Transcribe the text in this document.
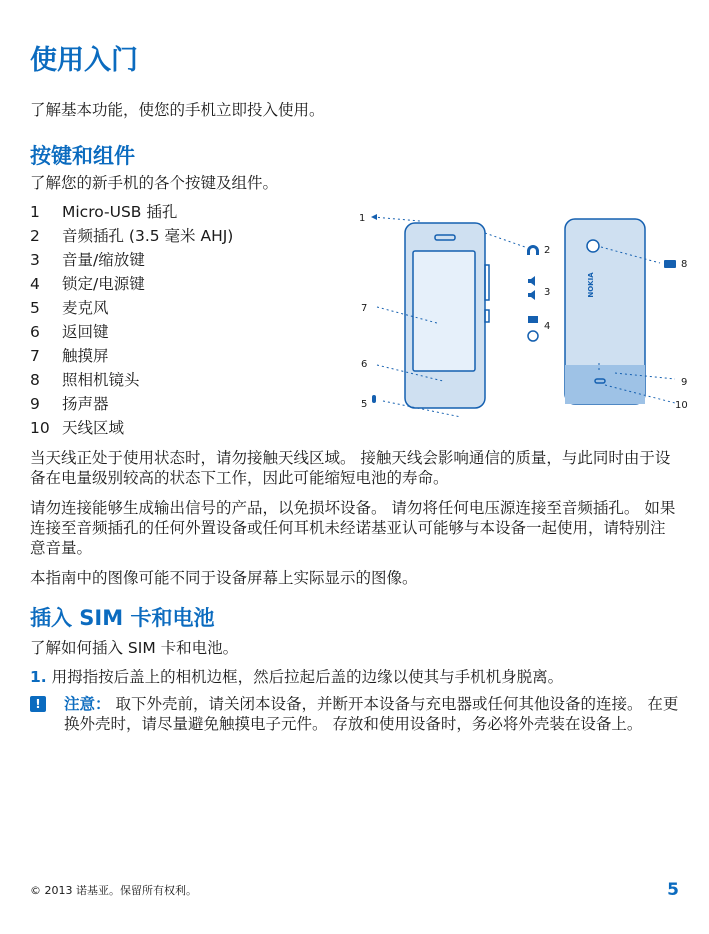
使用入门
了解基本功能，使您的手机立即投入使用。
按键和组件
了解您的新手机的各个按键及组件。
1	Micro-USB 插孔
2	音频插孔 (3.5 毫米 AHJ)
3	音量/缩放键
4	锁定/电源键
5	麦克风
6	返回键
7	触摸屏
8	照相机镜头
9	扬声器
10 天线区域
NOKIA
1
2
3
4
5
6
7
8
9
10
当天线正处于使用状态时，请勿接触天线区域。 接触天线会影响通信的质量，与此同时由于设备在电量级别较高的状态下工作，因此可能缩短电池的寿命。
请勿连接能够生成输出信号的产品，以免损坏设备。 请勿将任何电压源连接至音频插孔。 如果连接至音频插孔的任何外置设备或任何耳机未经诺基亚认可能够与本设备一起使用，请特别注意音量。
本指南中的图像可能不同于设备屏幕上实际显示的图像。
插入 SIM 卡和电池
了解如何插入 SIM 卡和电池。
1. 用拇指按后盖上的相机边框，然后拉起后盖的边缘以使其与手机机身脱离。
!	注意： 取下外壳前，请关闭本设备，并断开本设备与充电器或任何其他设备的连接。 在更换外壳时，请尽量避免触摸电子元件。 存放和使用设备时，务必将外壳装在设备上。
© 2013 诺基亚。保留所有权利。	5
